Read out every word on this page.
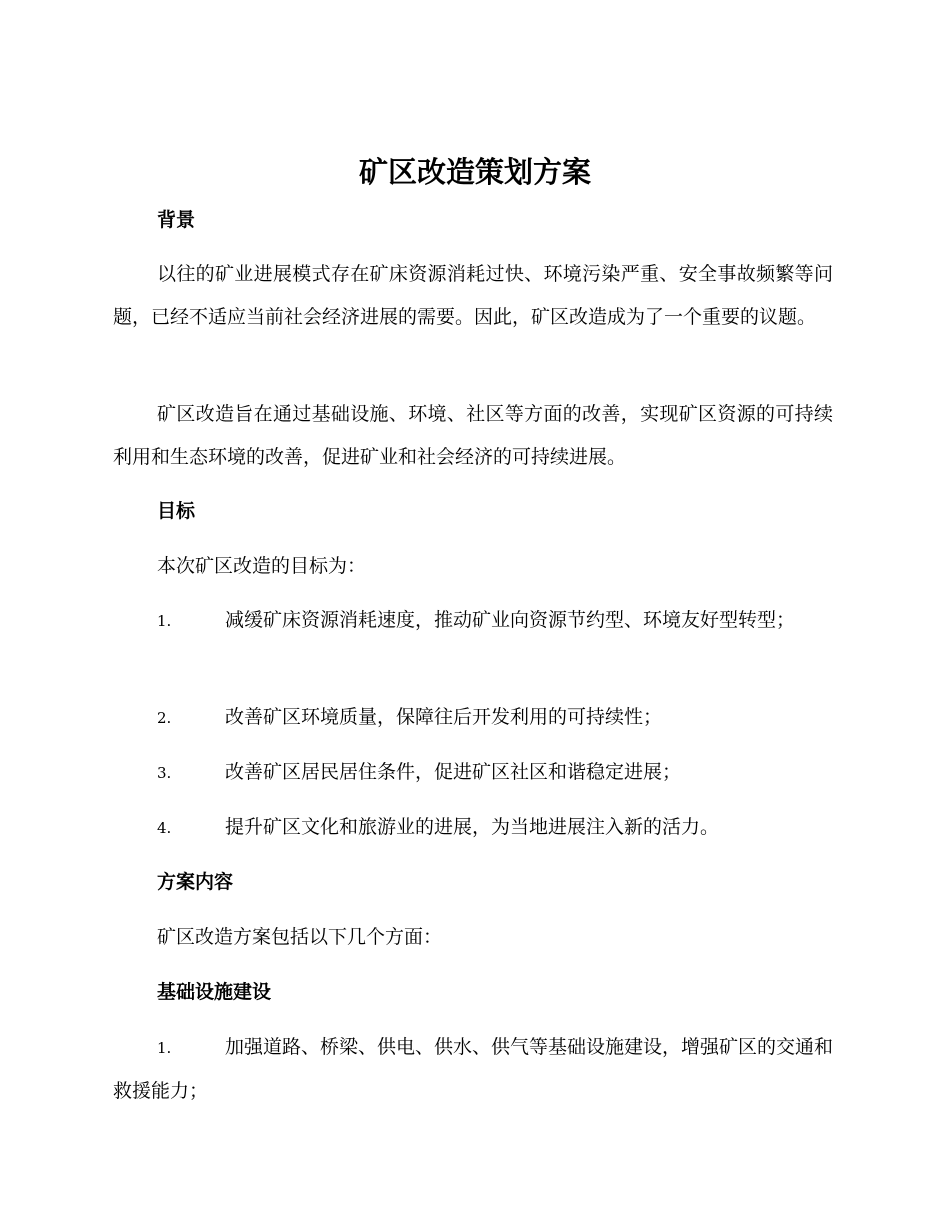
矿区改造策划方案
背景

以往的矿业进展模式存在矿床资源消耗过快、环境污染严重、安全事故频繁等问题，已经不适应当前社会经济进展的需要。因此，矿区改造成为了一个重要的议题。

矿区改造旨在通过基础设施、环境、社区等方面的改善，实现矿区资源的可持续利用和生态环境的改善，促进矿业和社会经济的可持续进展。

目标

本次矿区改造的目标为：

1.	减缓矿床资源消耗速度，推动矿业向资源节约型、环境友好型转型；

2.	改善矿区环境质量，保障往后开发利用的可持续性；

3.	改善矿区居民居住条件，促进矿区社区和谐稳定进展；

4.	提升矿区文化和旅游业的进展，为当地进展注入新的活力。

方案内容

矿区改造方案包括以下几个方面：

基础设施建设

1.	加强道路、桥梁、供电、供水、供气等基础设施建设，增强矿区的交通和救援能力；
